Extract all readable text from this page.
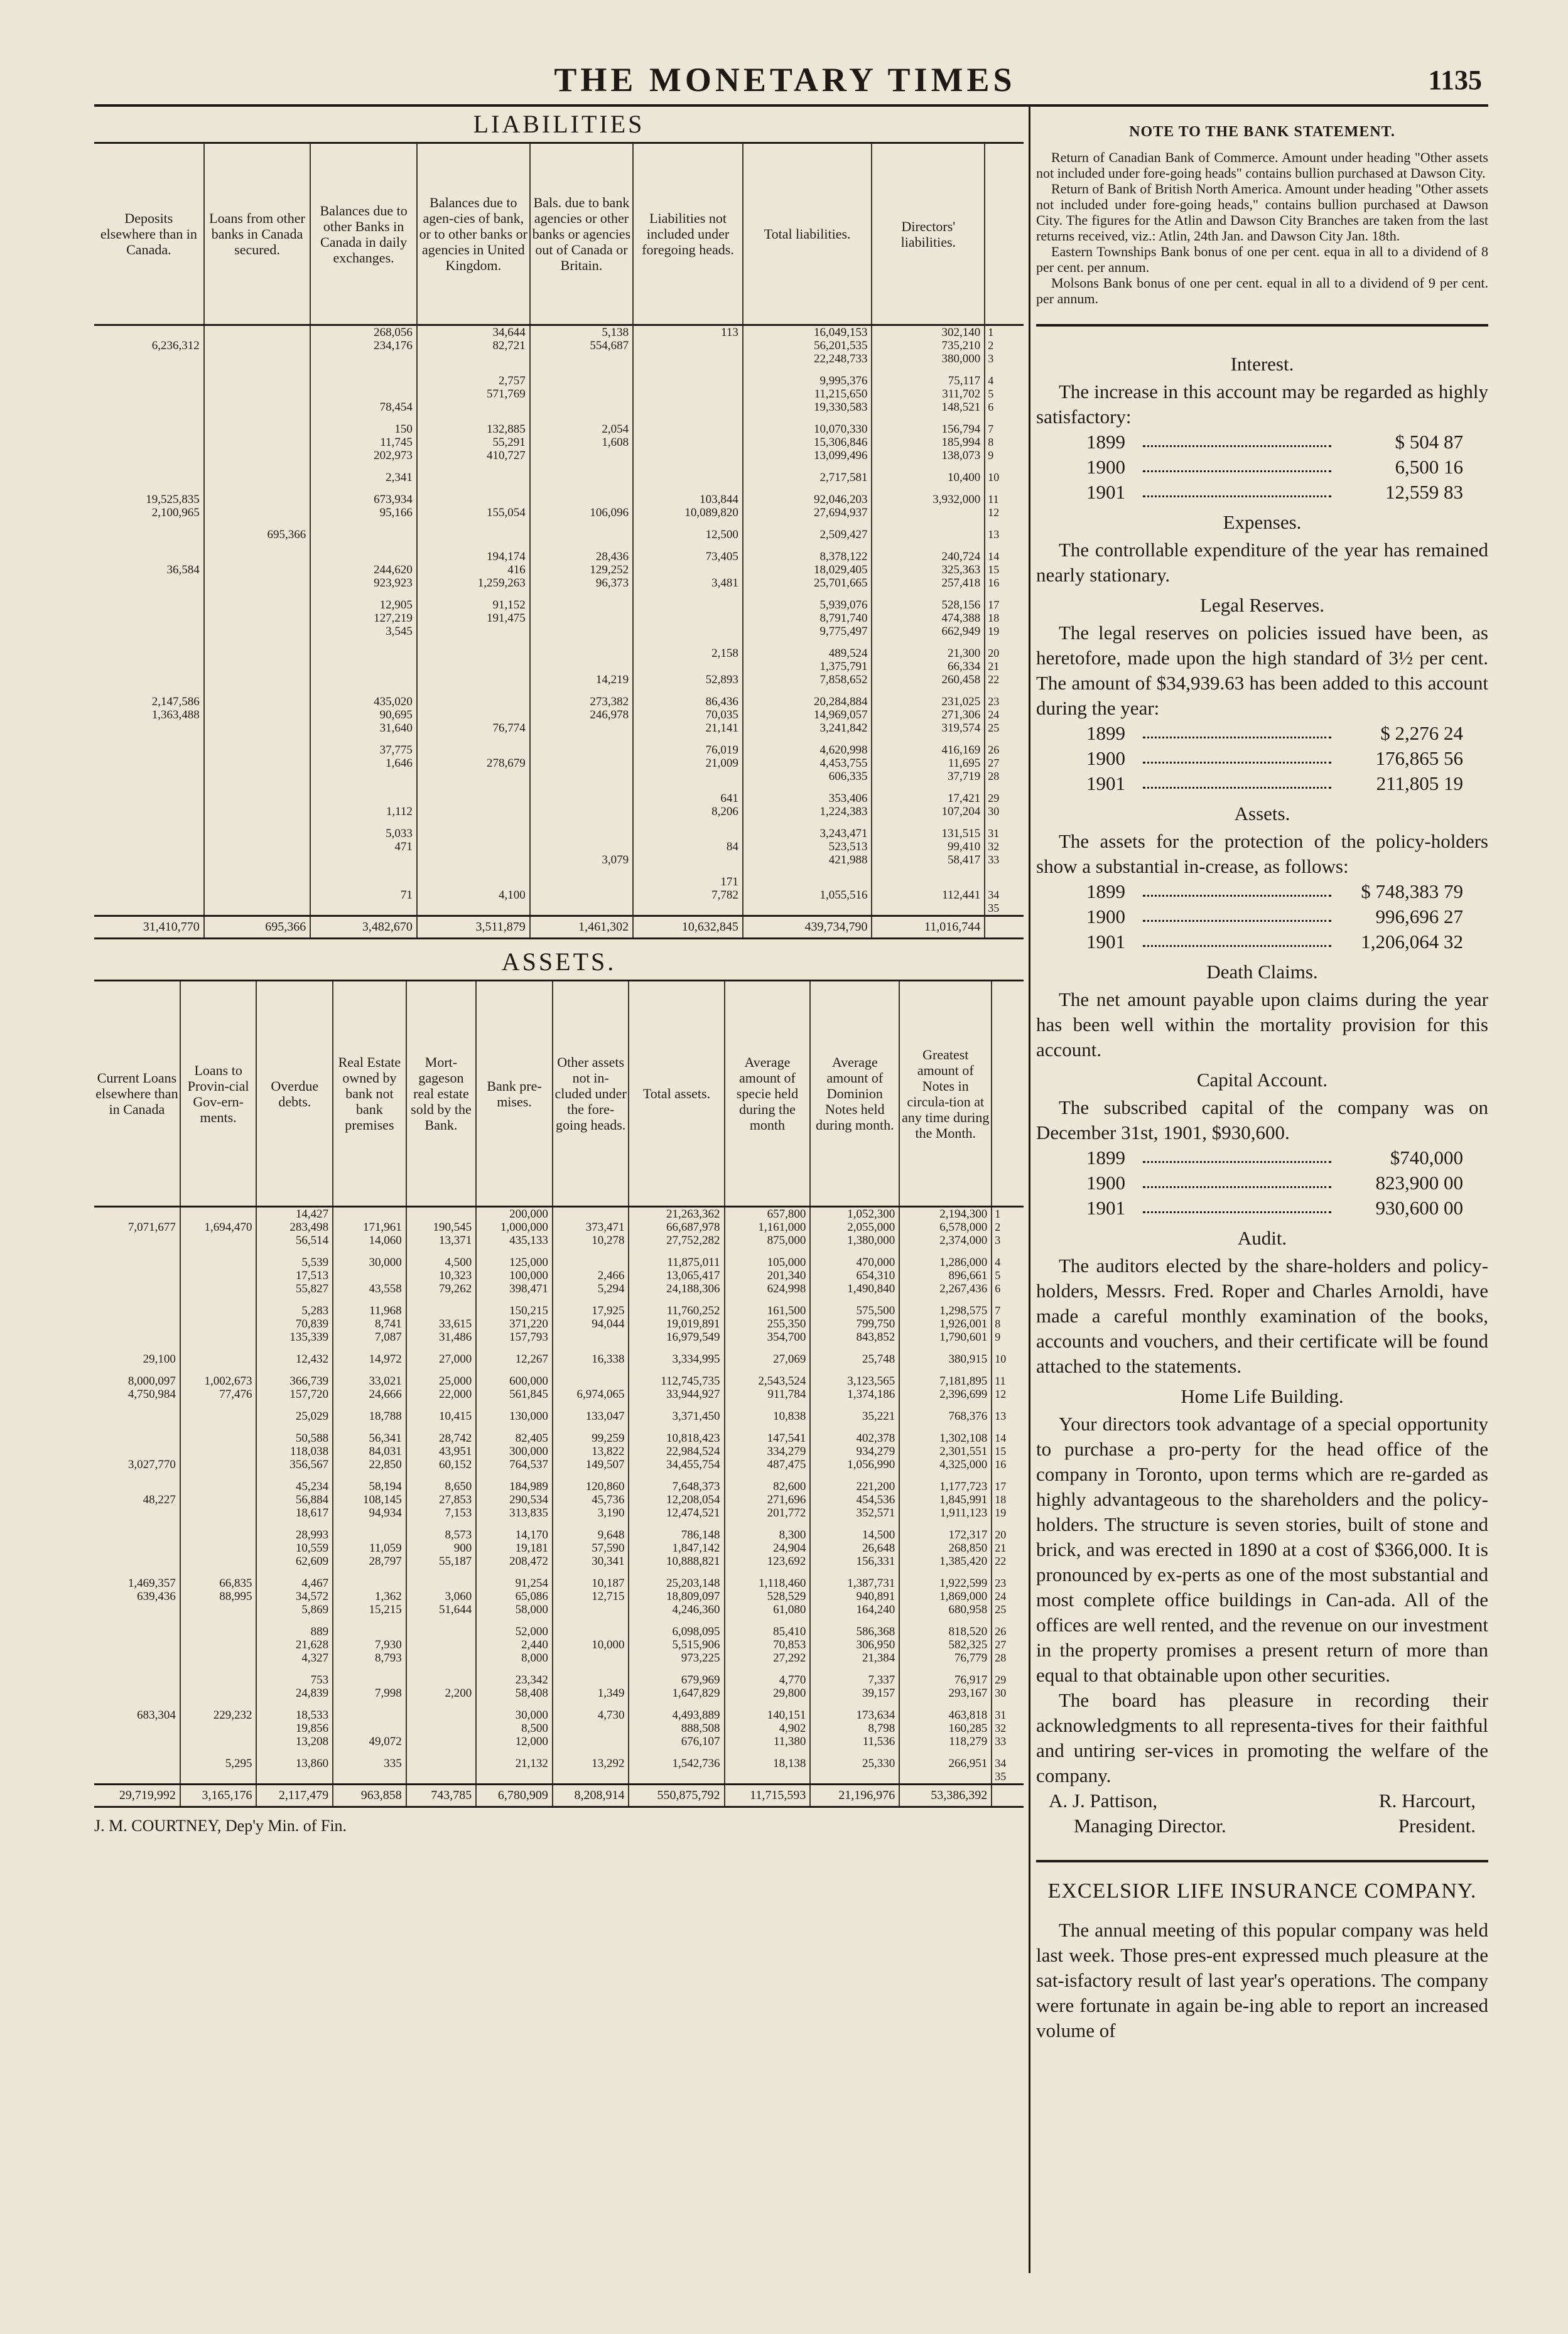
THE MONETARY TIMES	1135
LIABILITIES
Deposits elsewhere than in Canada.	Loans from other banks in Canada secured.	Balances due to other Banks in Canada in daily exchanges.	Balances due to agen-cies of bank, or to other banks or agencies in United Kingdom.	Bals. due to bank agencies or other banks or agencies out of Canada or Britain.	Liabilities not included under foregoing heads.	Total liabilities.	Directors' liabilities.	
		268,056	34,644	5,138	113	16,049,153	302,140	1
6,236,312		234,176	82,721	554,687		56,201,535	735,210	2
						22,248,733	380,000	3

			2,757			9,995,376	75,117	4
			571,769			11,215,650	311,702	5
		78,454				19,330,583	148,521	6

		150	132,885	2,054		10,070,330	156,794	7
		11,745	55,291	1,608		15,306,846	185,994	8
		202,973	410,727			13,099,496	138,073	9

		2,341				2,717,581	10,400	10

19,525,835		673,934			103,844	92,046,203	3,932,000	11
2,100,965		95,166	155,054	106,096	10,089,820	27,694,937		12

	695,366				12,500	2,509,427		13

			194,174	28,436	73,405	8,378,122	240,724	14
36,584		244,620	416	129,252		18,029,405	325,363	15
		923,923	1,259,263	96,373	3,481	25,701,665	257,418	16

		12,905	91,152			5,939,076	528,156	17
		127,219	191,475			8,791,740	474,388	18
		3,545				9,775,497	662,949	19

					2,158	489,524	21,300	20
						1,375,791	66,334	21
				14,219	52,893	7,858,652	260,458	22

2,147,586		435,020		273,382	86,436	20,284,884	231,025	23
1,363,488		90,695		246,978	70,035	14,969,057	271,306	24
		31,640	76,774		21,141	3,241,842	319,574	25

		37,775			76,019	4,620,998	416,169	26
		1,646	278,679		21,009	4,453,755	11,695	27
						606,335	37,719	28

					641	353,406	17,421	29
		1,112			8,206	1,224,383	107,204	30

		5,033				3,243,471	131,515	31
		471			84	523,513	99,410	32
				3,079		421,988	58,417	33

					171			
		71	4,100		7,782	1,055,516	112,441	34
								35
31,410,770	695,366	3,482,670	3,511,879	1,461,302	10,632,845	439,734,790	11,016,744	
ASSETS.
Current Loans elsewhere than in Canada	Loans to Provin-cial Gov-ern-ments.	Overdue debts.	Real Estate owned by bank not bank premises	Mort-gageson real estate sold by the Bank.	Bank pre-mises.	Other assets not in-cluded under the fore-going heads.	Total assets.	Average amount of specie held during the month	Average amount of Dominion Notes held during month.	Greatest amount of Notes in circula-tion at any time during the Month.	
		14,427			200,000		21,263,362	657,800	1,052,300	2,194,300	1
7,071,677	1,694,470	283,498	171,961	190,545	1,000,000	373,471	66,687,978	1,161,000	2,055,000	6,578,000	2
		56,514	14,060	13,371	435,133	10,278	27,752,282	875,000	1,380,000	2,374,000	3

		5,539	30,000	4,500	125,000		11,875,011	105,000	470,000	1,286,000	4
		17,513		10,323	100,000	2,466	13,065,417	201,340	654,310	896,661	5
		55,827	43,558	79,262	398,471	5,294	24,188,306	624,998	1,490,840	2,267,436	6

		5,283	11,968		150,215	17,925	11,760,252	161,500	575,500	1,298,575	7
		70,839	8,741	33,615	371,220	94,044	19,019,891	255,350	799,750	1,926,001	8
		135,339	7,087	31,486	157,793		16,979,549	354,700	843,852	1,790,601	9

29,100		12,432	14,972	27,000	12,267	16,338	3,334,995	27,069	25,748	380,915	10

8,000,097	1,002,673	366,739	33,021	25,000	600,000		112,745,735	2,543,524	3,123,565	7,181,895	11
4,750,984	77,476	157,720	24,666	22,000	561,845	6,974,065	33,944,927	911,784	1,374,186	2,396,699	12

		25,029	18,788	10,415	130,000	133,047	3,371,450	10,838	35,221	768,376	13

		50,588	56,341	28,742	82,405	99,259	10,818,423	147,541	402,378	1,302,108	14
		118,038	84,031	43,951	300,000	13,822	22,984,524	334,279	934,279	2,301,551	15
3,027,770		356,567	22,850	60,152	764,537	149,507	34,455,754	487,475	1,056,990	4,325,000	16

		45,234	58,194	8,650	184,989	120,860	7,648,373	82,600	221,200	1,177,723	17
48,227		56,884	108,145	27,853	290,534	45,736	12,208,054	271,696	454,536	1,845,991	18
		18,617	94,934	7,153	313,835	3,190	12,474,521	201,772	352,571	1,911,123	19

		28,993		8,573	14,170	9,648	786,148	8,300	14,500	172,317	20
		10,559	11,059	900	19,181	57,590	1,847,142	24,904	26,648	268,850	21
		62,609	28,797	55,187	208,472	30,341	10,888,821	123,692	156,331	1,385,420	22

1,469,357	66,835	4,467			91,254	10,187	25,203,148	1,118,460	1,387,731	1,922,599	23
639,436	88,995	34,572	1,362	3,060	65,086	12,715	18,809,097	528,529	940,891	1,869,000	24
		5,869	15,215	51,644	58,000		4,246,360	61,080	164,240	680,958	25

		889			52,000		6,098,095	85,410	586,368	818,520	26
		21,628	7,930		2,440	10,000	5,515,906	70,853	306,950	582,325	27
		4,327	8,793		8,000		973,225	27,292	21,384	76,779	28

		753			23,342		679,969	4,770	7,337	76,917	29
		24,839	7,998	2,200	58,408	1,349	1,647,829	29,800	39,157	293,167	30

683,304	229,232	18,533			30,000	4,730	4,493,889	140,151	173,634	463,818	31
		19,856			8,500		888,508	4,902	8,798	160,285	32
		13,208	49,072		12,000		676,107	11,380	11,536	118,279	33

	5,295	13,860	335		21,132	13,292	1,542,736	18,138	25,330	266,951	34
											35
29,719,992	3,165,176	2,117,479	963,858	743,785	6,780,909	8,208,914	550,875,792	11,715,593	21,196,976	53,386,392	
J. M. COURTNEY, Dep'y Min. of Fin.
NOTE TO THE BANK STATEMENT.

Return of Canadian Bank of Commerce. Amount under heading "Other assets not included under fore-going heads" contains bullion purchased at Dawson City.

Return of Bank of British North America. Amount under heading "Other assets not included under fore-going heads," contains bullion purchased at Dawson City. The figures for the Atlin and Dawson City Branches are taken from the last returns received, viz.: Atlin, 24th Jan. and Dawson City Jan. 18th.

Eastern Townships Bank bonus of one per cent. equa in all to a dividend of 8 per cent. per annum.

Molsons Bank bonus of one per cent. equal in all to a dividend of 9 per cent. per annum.

Interest.

The increase in this account may be regarded as highly satisfactory:

1899	$ 504 87
1900	6,500 16
1901	12,559 83
Expenses.

The controllable expenditure of the year has remained nearly stationary.

Legal Reserves.

The legal reserves on policies issued have been, as heretofore, made upon the high standard of 3½ per cent. The amount of $34,939.63 has been added to this account during the year:

1899	$ 2,276 24
1900	176,865 56
1901	211,805 19
Assets.

The assets for the protection of the policy-holders show a substantial in-crease, as follows:

1899	$ 748,383 79
1900	996,696 27
1901	1,206,064 32
Death Claims.

The net amount payable upon claims during the year has been well within the mortality provision for this account.

Capital Account.

The subscribed capital of the company was on December 31st, 1901, $930,600.

1899	$740,000
1900	823,900 00
1901	930,600 00
Audit.

The auditors elected by the share-holders and policy-holders, Messrs. Fred. Roper and Charles Arnoldi, have made a careful monthly examination of the books, accounts and vouchers, and their certificate will be found attached to the statements.

Home Life Building.

Your directors took advantage of a special opportunity to purchase a pro-perty for the head office of the company in Toronto, upon terms which are re-garded as highly advantageous to the shareholders and the policy-holders. The structure is seven stories, built of stone and brick, and was erected in 1890 at a cost of $366,000. It is pronounced by ex-perts as one of the most substantial and most complete office buildings in Can-ada. All of the offices are well rented, and the revenue on our investment in the property promises a present return of more than equal to that obtainable upon other securities.

The board has pleasure in recording their acknowledgments to all representa-tives for their faithful and untiring ser-vices in promoting the welfare of the company.

A. J. Pattison,	R. Harcourt,
Managing Director.	President.
EXCELSIOR LIFE INSURANCE COMPANY.

The annual meeting of this popular company was held last week. Those pres-ent expressed much pleasure at the sat-isfactory result of last year's operations. The company were fortunate in again be-ing able to report an increased volume of
